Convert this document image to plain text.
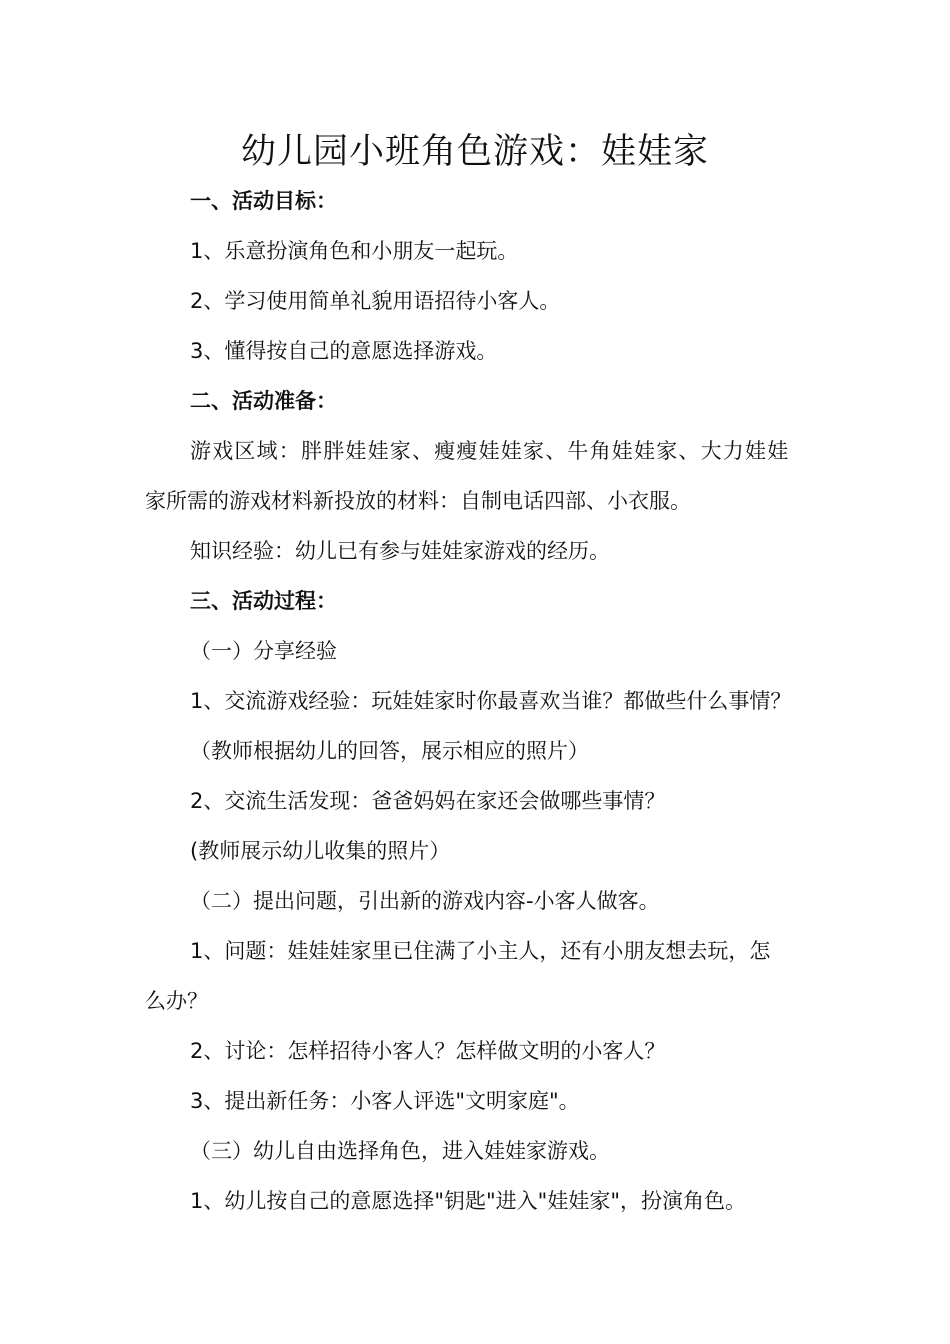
幼儿园小班角色游戏：娃娃家

一、活动目标：

1、乐意扮演角色和小朋友一起玩。

2、学习使用简单礼貌用语招待小客人。

3、懂得按自己的意愿选择游戏。

二、活动准备：

游戏区域：胖胖娃娃家、瘦瘦娃娃家、牛角娃娃家、大力娃娃

家所需的游戏材料新投放的材料：自制电话四部、小衣服。

知识经验：幼儿已有参与娃娃家游戏的经历。

三、活动过程：

（一）分享经验

1、交流游戏经验：玩娃娃家时你最喜欢当谁？都做些什么事情？

（教师根据幼儿的回答，展示相应的照片）

2、交流生活发现：爸爸妈妈在家还会做哪些事情？

(教师展示幼儿收集的照片）

（二）提出问题，引出新的游戏内容-小客人做客。

1、问题：娃娃娃家里已住满了小主人，还有小朋友想去玩，怎

么办？

2、讨论：怎样招待小客人？怎样做文明的小客人？

3、提出新任务：小客人评选"文明家庭"。

（三）幼儿自由选择角色，进入娃娃家游戏。

1、幼儿按自己的意愿选择"钥匙"进入"娃娃家"，扮演角色。
